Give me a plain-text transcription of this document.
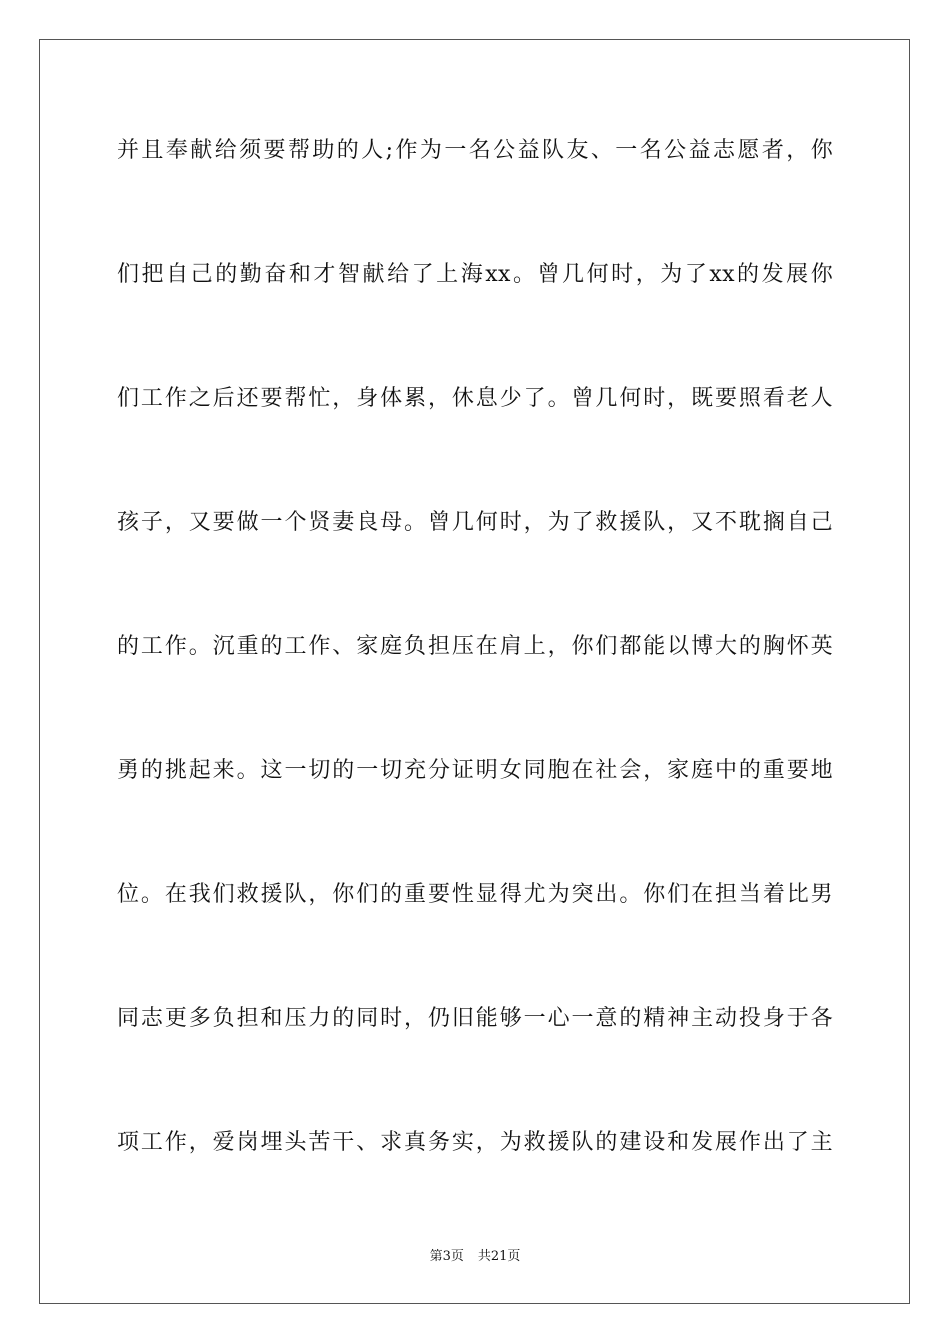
并且奉献给须要帮助的人;作为一名公益队友、一名公益志愿者，你
们把自己的勤奋和才智献给了上海xx。曾几何时，为了xx的发展你
们工作之后还要帮忙，身体累，休息少了。曾几何时，既要照看老人
孩子，又要做一个贤妻良母。曾几何时，为了救援队，又不耽搁自己
的工作。沉重的工作、家庭负担压在肩上，你们都能以博大的胸怀英
勇的挑起来。这一切的一切充分证明女同胞在社会，家庭中的重要地
位。在我们救援队，你们的重要性显得尤为突出。你们在担当着比男
同志更多负担和压力的同时，仍旧能够一心一意的精神主动投身于各
项工作，爱岗埋头苦干、求真务实，为救援队的建设和发展作出了主
第3页 共21页
